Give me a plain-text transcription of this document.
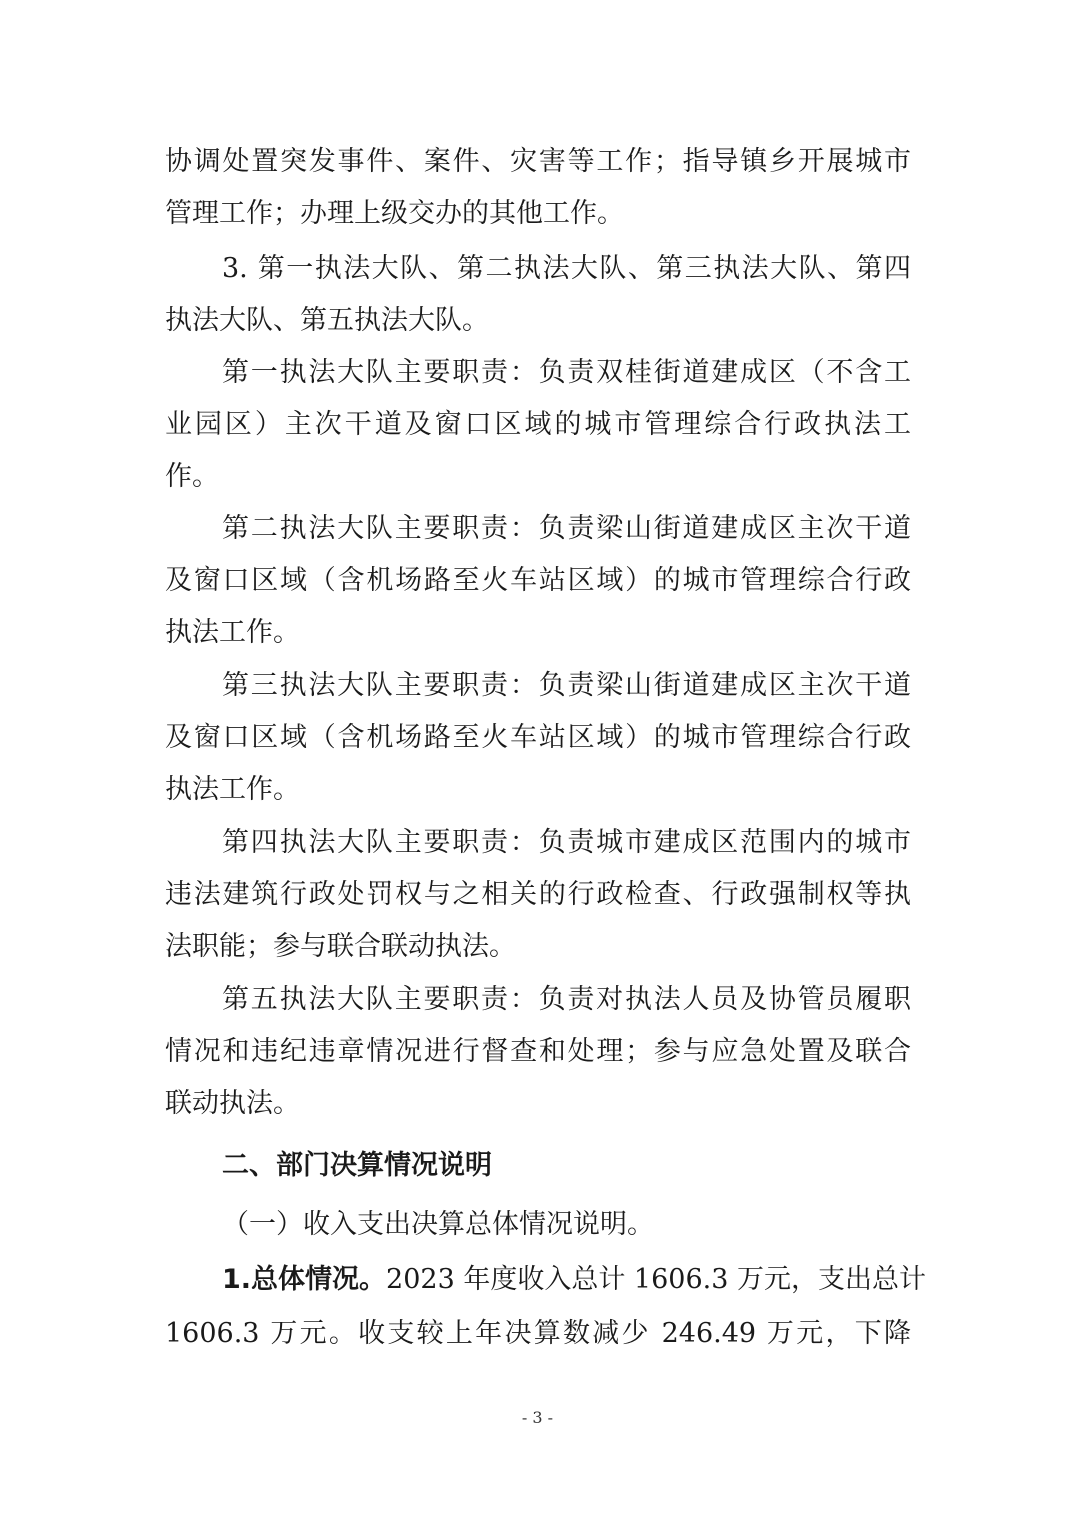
协调处置突发事件、案件、灾害等工作；指导镇乡开展城市
管理工作；办理上级交办的其他工作。
3. 第一执法大队、第二执法大队、第三执法大队、第四
执法大队、第五执法大队。
第一执法大队主要职责：负责双桂街道建成区（不含工
业园区）主次干道及窗口区域的城市管理综合行政执法工
作。
第二执法大队主要职责：负责梁山街道建成区主次干道
及窗口区域（含机场路至火车站区域）的城市管理综合行政
执法工作。
第三执法大队主要职责：负责梁山街道建成区主次干道
及窗口区域（含机场路至火车站区域）的城市管理综合行政
执法工作。
第四执法大队主要职责：负责城市建成区范围内的城市
违法建筑行政处罚权与之相关的行政检查、行政强制权等执
法职能；参与联合联动执法。
第五执法大队主要职责：负责对执法人员及协管员履职
情况和违纪违章情况进行督查和处理；参与应急处置及联合
联动执法。
二、部门决算情况说明
（一）收入支出决算总体情况说明。
1.总体情况。2023 年度收入总计 1606.3 万元，支出总计
1606.3 万元。收支较上年决算数减少 246.49 万元，下降
- 3 -
